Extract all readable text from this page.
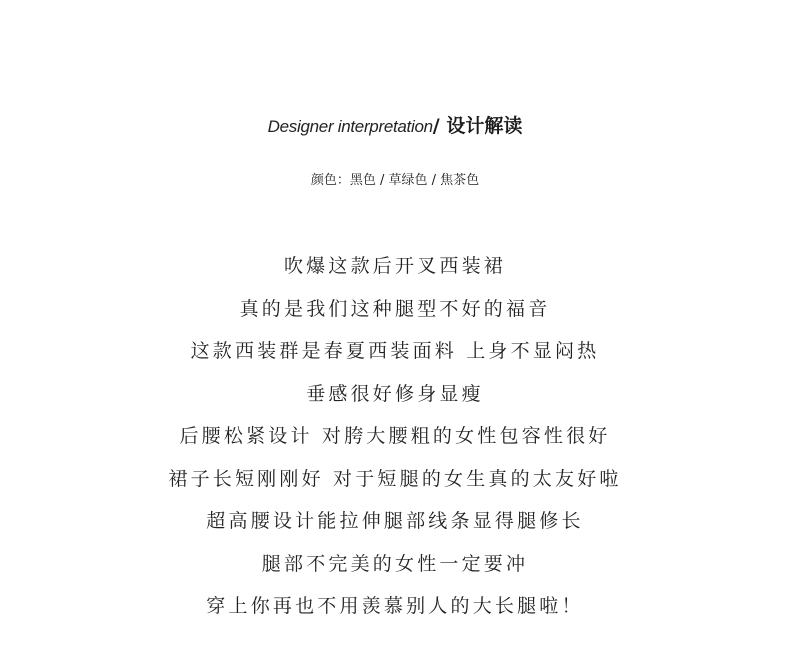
Designer interpretation/ 设计解读
颜色：黑色 / 草绿色 / 焦茶色
吹爆这款后开叉西装裙
真的是我们这种腿型不好的福音
这款西装群是春夏西装面料 上身不显闷热
垂感很好修身显瘦
后腰松紧设计 对胯大腰粗的女性包容性很好
裙子长短刚刚好 对于短腿的女生真的太友好啦
超高腰设计能拉伸腿部线条显得腿修长
腿部不完美的女性一定要冲
穿上你再也不用羡慕别人的大长腿啦！
